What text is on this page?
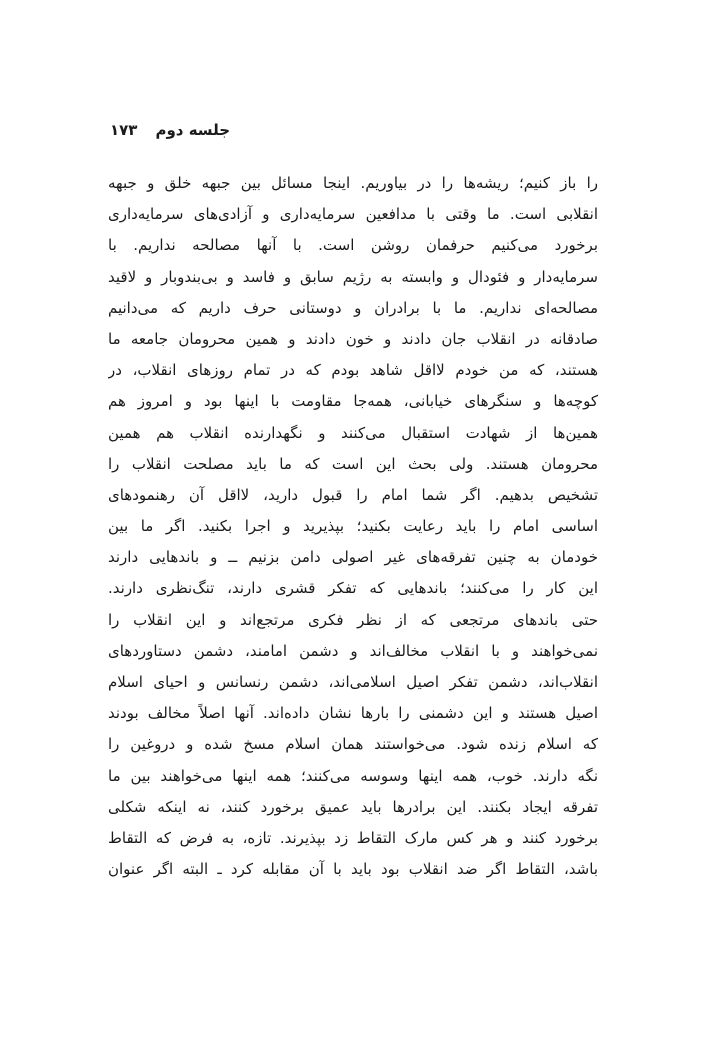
جلسه دوم
۱۷۳
را باز کنیم؛ ریشه‌ها را در بیاوریم. اینجا مسائل بین جبهه خلق و جبهه
انقلابی است. ما وقتی با مدافعین سرمایه‌داری و آزادی‌های سرمایه‌داری
برخورد می‌کنیم حرفمان روشن است. با آنها مصالحه نداریم. با
سرمایه‌دار و فئودال و وابسته به رژیم سابق و فاسد و بی‌بندوبار و لاقید
مصالحه‌ای نداریم. ما با برادران و دوستانی حرف داریم که می‌دانیم
صادقانه در انقلاب جان دادند و خون دادند و همین محرومان جامعه ما
هستند، که من خودم لااقل شاهد بودم که در تمام روزهای انقلاب، در
کوچه‌ها و سنگرهای خیابانی، همه‌جا مقاومت با اینها بود و امروز هم
همین‌ها از شهادت استقبال می‌کنند و نگهدارنده انقلاب هم همین
محرومان هستند. ولی بحث این است که ما باید مصلحت انقلاب را
تشخیص بدهیم. اگر شما امام را قبول دارید، لااقل آن رهنمودهای
اساسی امام را باید رعایت بکنید؛ بپذیرید و اجرا بکنید. اگر ما بین
خودمان به چنین تفرقه‌های غیر اصولی دامن بزنیم ــ و باندهایی دارند
این کار را می‌کنند؛ باندهایی که تفکر قشری دارند، تنگ‌نظری دارند.
حتی باندهای مرتجعی که از نظر فکری مرتجع‌اند و این انقلاب را
نمی‌خواهند و با انقلاب مخالف‌اند و دشمن امامند، دشمن دستاوردهای
انقلاب‌اند، دشمن تفکر اصیل اسلامی‌اند، دشمن رنسانس و احیای اسلام
اصیل هستند و این دشمنی را بارها نشان داده‌اند. آنها اصلاً مخالف بودند
که اسلام زنده شود. می‌خواستند همان اسلام مسخ شده و دروغین را
نگه دارند. خوب، همه اینها وسوسه می‌کنند؛ همه اینها می‌خواهند بین ما
تفرقه ایجاد بکنند. این برادرها باید عمیق برخورد کنند، نه اینکه شکلی
برخورد کنند و هر کس مارک التقاط زد بپذیرند. تازه، به فرض که التقاط
باشد، التقاط اگر ضد انقلاب بود باید با آن مقابله کرد ـ البته اگر عنوان
